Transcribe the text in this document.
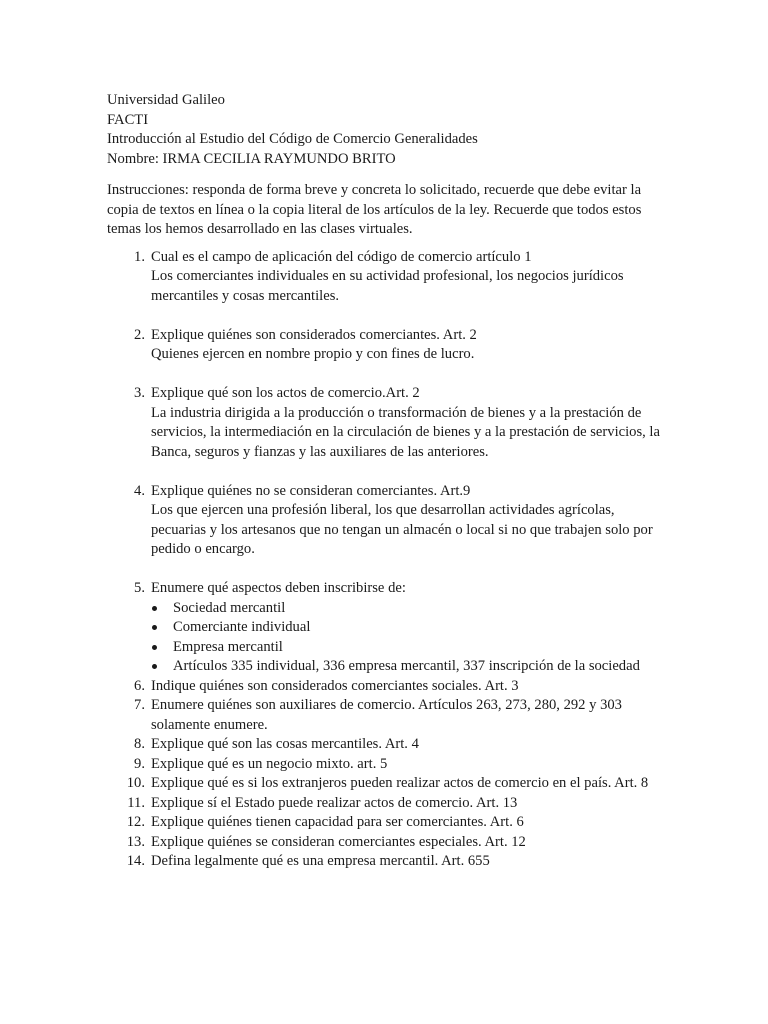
Universidad Galileo
FACTI
Introducción al Estudio del Código de Comercio Generalidades
Nombre: IRMA CECILIA RAYMUNDO BRITO
Instrucciones: responda de forma breve y concreta lo solicitado, recuerde que debe evitar la copia de textos en línea o la copia literal de los artículos de la ley. Recuerde que todos estos temas los hemos desarrollado en las clases virtuales.
1. Cual es el campo de aplicación del código de comercio artículo 1
Los comerciantes individuales en su actividad profesional, los negocios jurídicos mercantiles y cosas mercantiles.
2. Explique quiénes son considerados comerciantes. Art. 2
Quienes ejercen en nombre propio y con fines de lucro.
3. Explique qué son los actos de comercio.Art. 2
La industria dirigida a la producción o transformación de bienes y a la prestación de servicios, la intermediación en la circulación de bienes y a la prestación de servicios, la Banca, seguros y fianzas y las auxiliares de las anteriores.
4. Explique quiénes no se consideran comerciantes. Art.9
Los que ejercen una profesión liberal, los que desarrollan actividades agrícolas, pecuarias y los artesanos que no tengan un almacén o local si no que trabajen solo por pedido o encargo.
5. Enumere qué aspectos deben inscribirse de:
Sociedad mercantil
Comerciante individual
Empresa mercantil
Artículos 335 individual, 336 empresa mercantil, 337 inscripción de la sociedad
6. Indique quiénes son considerados comerciantes sociales. Art. 3
7. Enumere quiénes son auxiliares de comercio. Artículos 263, 273, 280, 292 y 303 solamente enumere.
8. Explique qué son las cosas mercantiles. Art. 4
9. Explique qué es un negocio mixto. art. 5
10. Explique qué es si los extranjeros pueden realizar actos de comercio en el país. Art. 8
11. Explique sí el Estado puede realizar actos de comercio. Art. 13
12. Explique quiénes tienen capacidad para ser comerciantes. Art. 6
13. Explique quiénes se consideran comerciantes especiales. Art. 12
14. Defina legalmente qué es una empresa mercantil. Art. 655
